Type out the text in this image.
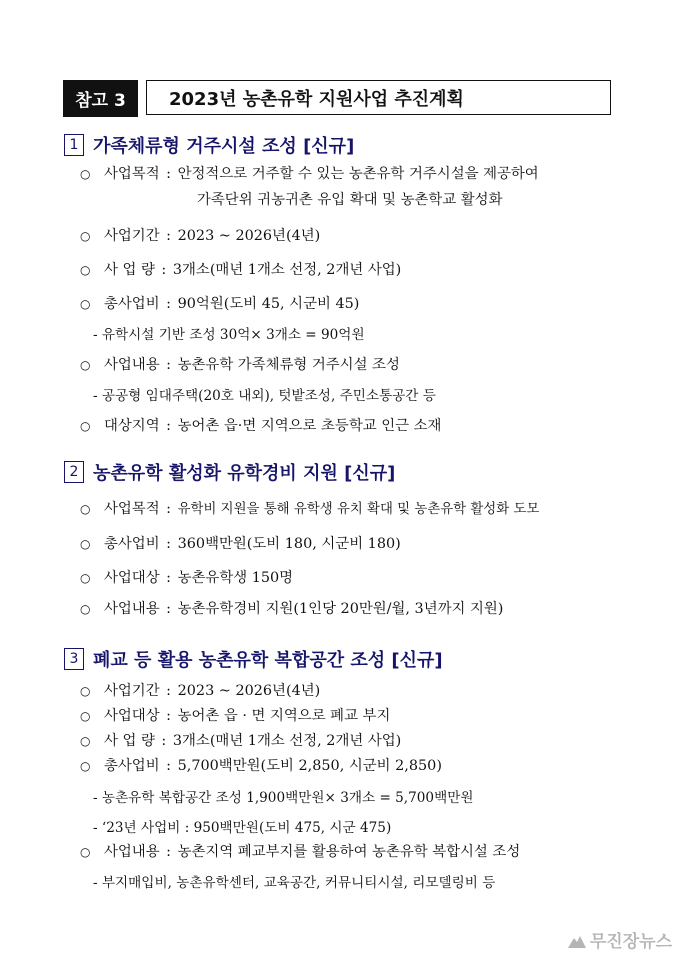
참고 3	2023년 농촌유학 지원사업 추진계획
1 가족체류형 거주시설 조성 [신규]
○ 사업목적 : 안정적으로 거주할 수 있는 농촌유학 거주시설을 제공하여
가족단위 귀농귀촌 유입 확대 및 농촌학교 활성화
○ 사업기간 : 2023 ~ 2026년(4년)
○ 사 업 량 : 3개소(매년 1개소 선정, 2개년 사업)
○ 총사업비 : 90억원(도비 45, 시군비 45)
- 유학시설 기반 조성 30억× 3개소 = 90억원
○ 사업내용 : 농촌유학 가족체류형 거주시설 조성
- 공공형 임대주택(20호 내외), 텃밭조성, 주민소통공간 등
○ 대상지역 : 농어촌 읍·면 지역으로 초등학교 인근 소재
2 농촌유학 활성화 유학경비 지원 [신규]
○ 사업목적 : 유학비 지원을 통해 유학생 유치 확대 및 농촌유학 활성화 도모
○ 총사업비 : 360백만원(도비 180, 시군비 180)
○ 사업대상 : 농촌유학생 150명
○ 사업내용 : 농촌유학경비 지원(1인당 20만원/월, 3년까지 지원)
3 폐교 등 활용 농촌유학 복합공간 조성 [신규]
○ 사업기간 : 2023 ~ 2026년(4년)
○ 사업대상 : 농어촌 읍 · 면 지역으로 폐교 부지
○ 사 업 량 : 3개소(매년 1개소 선정, 2개년 사업)
○ 총사업비 : 5,700백만원(도비 2,850, 시군비 2,850)
- 농촌유학 복합공간 조성 1,900백만원× 3개소 = 5,700백만원
- ‘23년 사업비 : 950백만원(도비 475, 시군 475)
○ 사업내용 : 농촌지역 폐교부지를 활용하여 농촌유학 복합시설 조성
- 부지매입비, 농촌유학센터, 교육공간, 커뮤니티시설, 리모델링비 등
무진장뉴스
